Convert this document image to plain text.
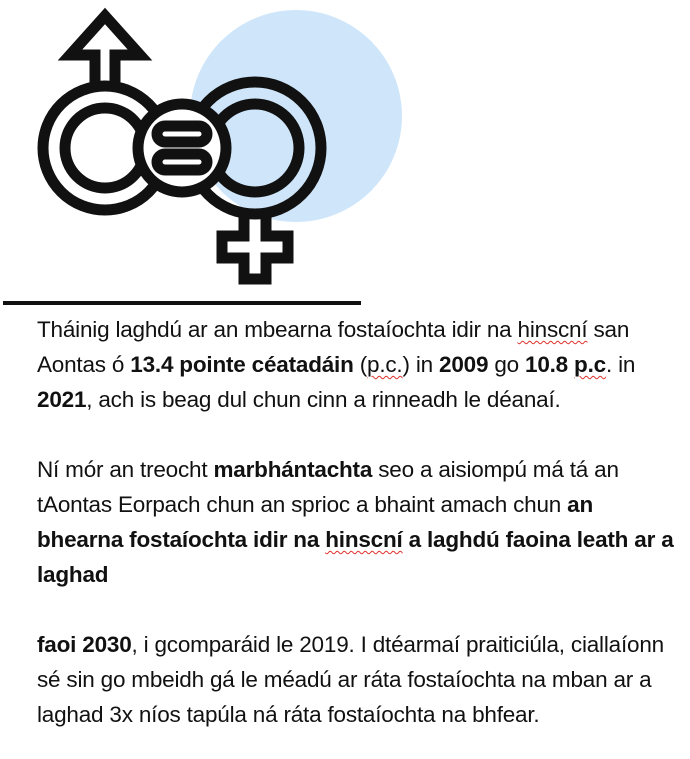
Tháinig laghdú ar an mbearna fostaíochta idir na hinscní san Aontas ó 13.4 pointe céatadáin (p.c.) in 2009 go 10.8 p.c. in 2021, ach is beag dul chun cinn a rinneadh le déanaí.

Ní mór an treocht marbhántachta seo a aisiompú má tá an tAontas Eorpach chun an sprioc a bhaint amach chun an bhearna fostaíochta idir na hinscní a laghdú faoina leath ar a laghad

faoi 2030, i gcomparáid le 2019. I dtéarmaí praiticiúla, ciallaíonn sé sin go mbeidh gá le méadú ar ráta fostaíochta na mban ar a laghad 3x níos tapúla ná ráta fostaíochta na bhfear.
